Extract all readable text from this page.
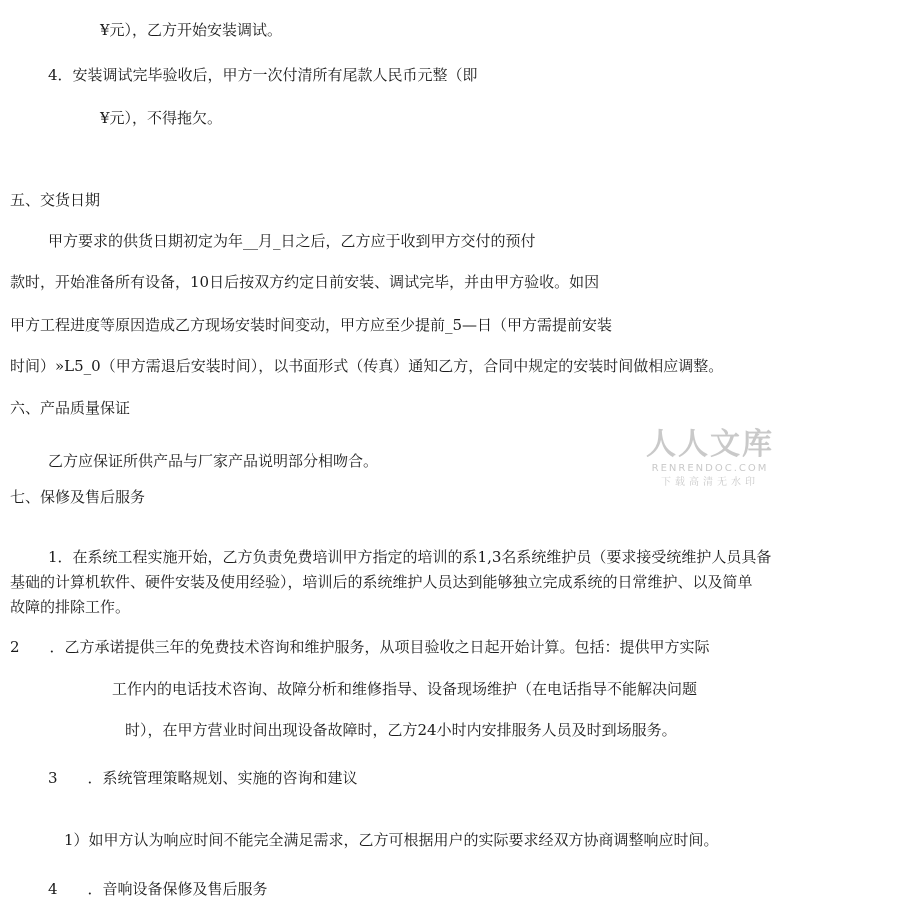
¥元），乙方开始安装调试。
4．安装调试完毕验收后，甲方一次付清所有尾款人民币元整（即
¥元），不得拖欠。
五、交货日期
甲方要求的供货日期初定为年__月_日之后，乙方应于收到甲方交付的预付
款时，开始准备所有设备，10日后按双方约定日前安装、调试完毕，并由甲方验收。如因
甲方工程进度等原因造成乙方现场安装时间变动，甲方应至少提前_5—日（甲方需提前安装
时间）»L5_0（甲方需退后安装时间），以书面形式（传真）通知乙方，合同中规定的安装时间做相应调整。
六、产品质量保证
乙方应保证所供产品与厂家产品说明部分相吻合。
七、保修及售后服务
1．在系统工程实施开始，乙方负责免费培训甲方指定的培训的系1,3名系统维护员（要求接受统维护人员具备
基础的计算机软件、硬件安装及使用经验），培训后的系统维护人员达到能够独立完成系统的日常维护、以及简单
故障的排除工作。
2　　．乙方承诺提供三年的免费技术咨询和维护服务，从项目验收之日起开始计算。包括：提供甲方实际
工作内的电话技术咨询、故障分析和维修指导、设备现场维护（在电话指导不能解决问题
时），在甲方营业时间出现设备故障时，乙方24小时内安排服务人员及时到场服务。
3　　．系统管理策略规划、实施的咨询和建议
1）如甲方认为响应时间不能完全满足需求，乙方可根据用户的实际要求经双方协商调整响应时间。
4　　．音响设备保修及售后服务
人人文库
RENRENDOC.COM
下载高清无水印
